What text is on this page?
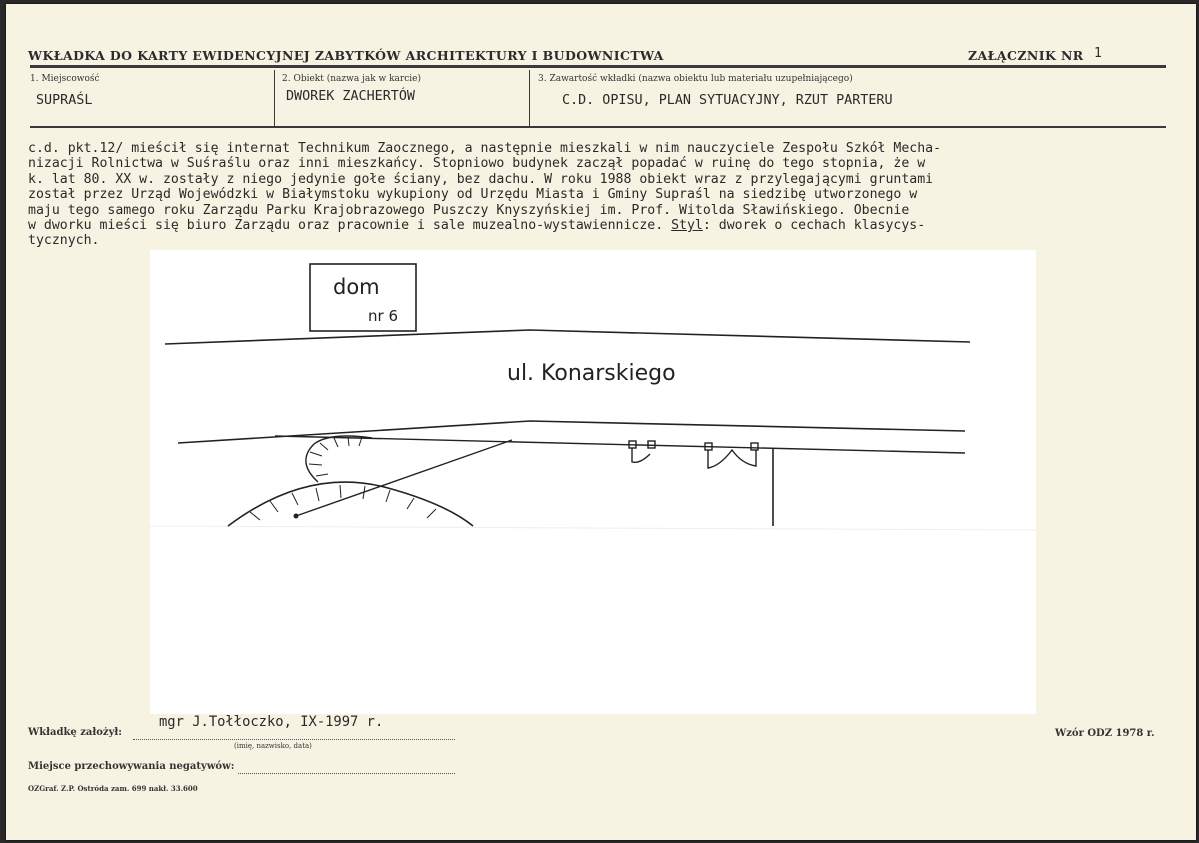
WKŁADKA DO KARTY EWIDENCYJNEJ ZABYTKÓW ARCHITEKTURY I BUDOWNICTWA	ZAŁĄCZNIK NR 1
1. Miejscowość	2. Obiekt (nazwa jak w karcie)	3. Zawartość wkładki (nazwa obiektu lub materiału uzupełniającego)
SUPRAŚL	DWOREK ZACHERTÓW	C.D. OPISU, PLAN SYTUACYJNY, RZUT PARTERU
c.d. pkt.12/ mieścił się internat Technikum Zaocznego, a następnie mieszkali w nim nauczyciele Zespołu Szkół Mecha-
nizacji Rolnictwa w Suśraślu oraz inni mieszkańcy. Stopniowo budynek zaczął popadać w ruinę do tego stopnia, że w
k. lat 80. XX w. zostały z niego jedynie gołe ściany, bez dachu. W roku 1988 obiekt wraz z przylegającymi gruntami
został przez Urząd Wojewódzki w Białymstoku wykupiony od Urzędu Miasta i Gminy Supraśl na siedzibę utworzonego w
maju tego samego roku Zarządu Parku Krajobrazowego Puszczy Knyszyńskiej im. Prof. Witolda Sławińskiego. Obecnie
w dworku mieści się biuro Zarządu oraz pracownie i sale muzealno-wystawiennicze. Styl: dworek o cechach klasycys-
tycznych.
dom
nr 6
ul. Konarskiego
Wkładkę założył:
mgr J.Tołłoczko, IX-1997 r.
(imię, nazwisko, data)
Miejsce przechowywania negatywów:
Wzór ODZ 1978 r.
OZGraf. Z.P. Ostróda zam. 699 nakł. 33.600
